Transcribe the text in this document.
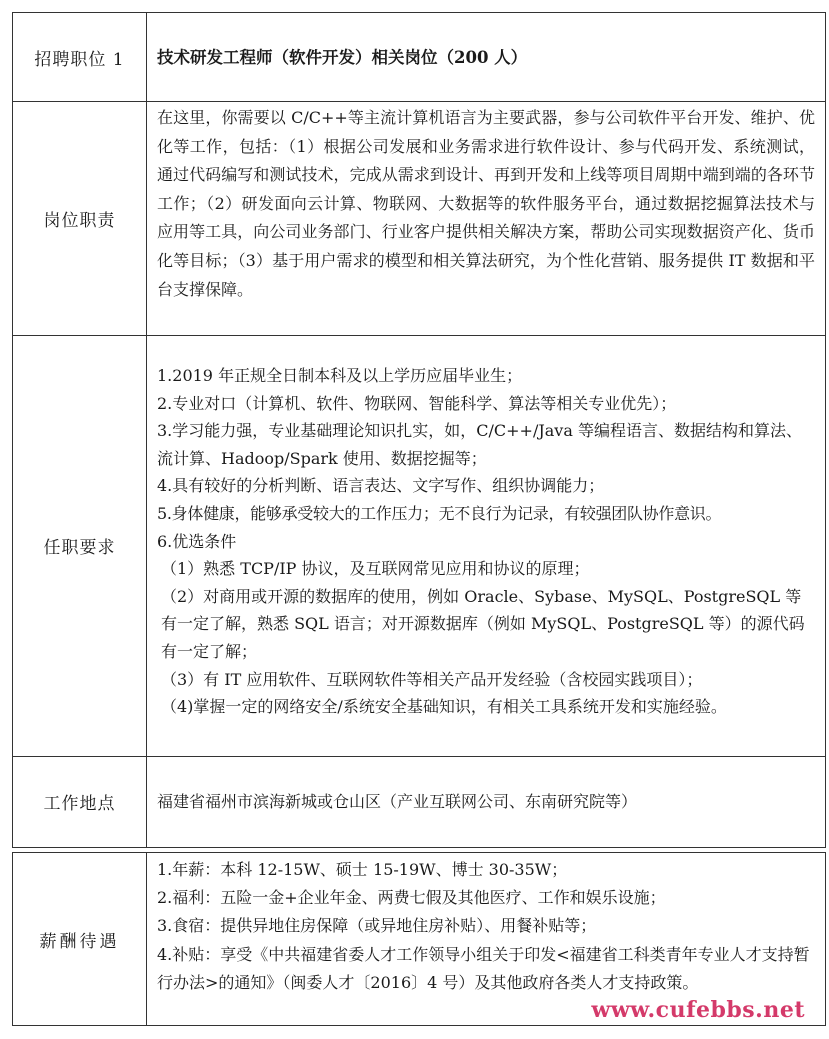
招聘职位 1	技术研发工程师（软件开发）相关岗位（200 人）
岗位职责
在这里，你需要以 C/C++等主流计算机语言为主要武器，参与公司软件平台开发、维护、优化等工作，包括：（1）根据公司发展和业务需求进行软件设计、参与代码开发、系统测试，通过代码编写和测试技术，完成从需求到设计、再到开发和上线等项目周期中端到端的各环节工作；（2）研发面向云计算、物联网、大数据等的软件服务平台，通过数据挖掘算法技术与应用等工具，向公司业务部门、行业客户提供相关解决方案，帮助公司实现数据资产化、货币化等目标；（3）基于用户需求的模型和相关算法研究，为个性化营销、服务提供 IT 数据和平台支撑保障。
任职要求
1.2019 年正规全日制本科及以上学历应届毕业生；
2.专业对口（计算机、软件、物联网、智能科学、算法等相关专业优先）；
3.学习能力强，专业基础理论知识扎实，如，C/C++/Java 等编程语言、数据结构和算法、流计算、Hadoop/Spark 使用、数据挖掘等；
4.具有较好的分析判断、语言表达、文字写作、组织协调能力；
5.身体健康，能够承受较大的工作压力；无不良行为记录，有较强团队协作意识。
6.优选条件
（1）熟悉 TCP/IP 协议，及互联网常见应用和协议的原理；
（2）对商用或开源的数据库的使用，例如 Oracle、Sybase、MySQL、PostgreSQL 等有一定了解，熟悉 SQL 语言；对开源数据库（例如 MySQL、PostgreSQL 等）的源代码有一定了解；
（3）有 IT 应用软件、互联网软件等相关产品开发经验（含校园实践项目）；
（4)掌握一定的网络安全/系统安全基础知识，有相关工具系统开发和实施经验。
工作地点	福建省福州市滨海新城或仓山区（产业互联网公司、东南研究院等）
薪酬待遇
1.年薪：本科 12-15W、硕士 15-19W、博士 30-35W；
2.福利：五险一金+企业年金、两费七假及其他医疗、工作和娱乐设施；
3.食宿：提供异地住房保障（或异地住房补贴）、用餐补贴等；
4.补贴：享受《中共福建省委人才工作领导小组关于印发<福建省工科类青年专业人才支持暂行办法>的通知》（闽委人才〔2016〕4 号）及其他政府各类人才支持政策。
www.cufebbs.net
